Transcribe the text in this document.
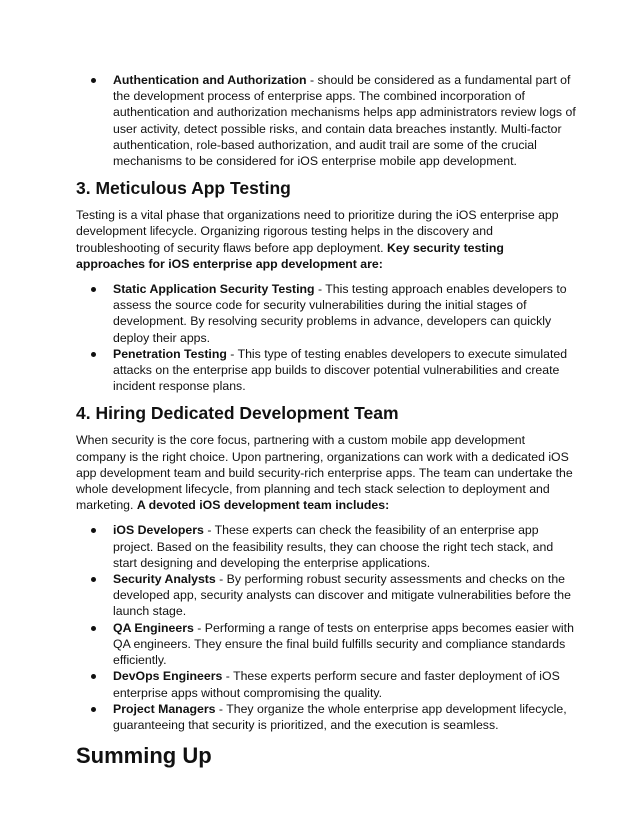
Authentication and Authorization - should be considered as a fundamental part of the development process of enterprise apps. The combined incorporation of authentication and authorization mechanisms helps app administrators review logs of user activity, detect possible risks, and contain data breaches instantly. Multi-factor authentication, role-based authorization, and audit trail are some of the crucial mechanisms to be considered for iOS enterprise mobile app development.
3. Meticulous App Testing

Testing is a vital phase that organizations need to prioritize during the iOS enterprise app development lifecycle. Organizing rigorous testing helps in the discovery and troubleshooting of security flaws before app deployment. Key security testing approaches for iOS enterprise app development are:

Static Application Security Testing - This testing approach enables developers to assess the source code for security vulnerabilities during the initial stages of development. By resolving security problems in advance, developers can quickly deploy their apps.
Penetration Testing - This type of testing enables developers to execute simulated attacks on the enterprise app builds to discover potential vulnerabilities and create incident response plans.
4. Hiring Dedicated Development Team

When security is the core focus, partnering with a custom mobile app development company is the right choice. Upon partnering, organizations can work with a dedicated iOS app development team and build security-rich enterprise apps. The team can undertake the whole development lifecycle, from planning and tech stack selection to deployment and marketing. A devoted iOS development team includes:

iOS Developers - These experts can check the feasibility of an enterprise app project. Based on the feasibility results, they can choose the right tech stack, and start designing and developing the enterprise applications.
Security Analysts - By performing robust security assessments and checks on the developed app, security analysts can discover and mitigate vulnerabilities before the launch stage.
QA Engineers - Performing a range of tests on enterprise apps becomes easier with QA engineers. They ensure the final build fulfills security and compliance standards efficiently.
DevOps Engineers - These experts perform secure and faster deployment of iOS enterprise apps without compromising the quality.
Project Managers - They organize the whole enterprise app development lifecycle, guaranteeing that security is prioritized, and the execution is seamless.
Summing Up
